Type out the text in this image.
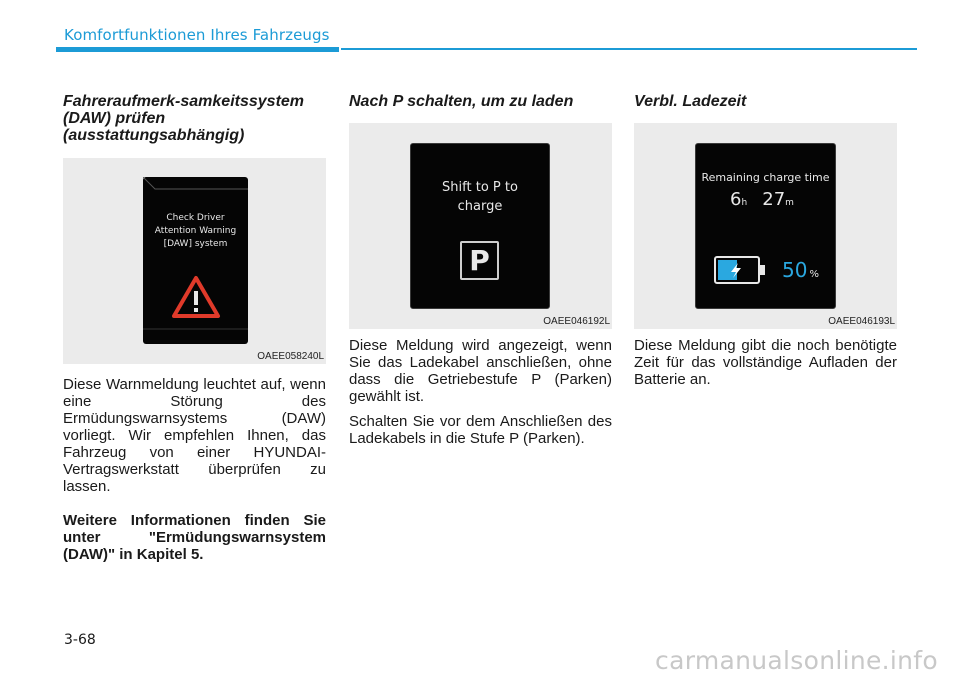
Komfortfunktionen Ihres Fahrzeugs
Fahreraufmerk-samkeitssystem
(DAW) prüfen
(ausstattungsabhängig)
Check Driver
Attention Warning
[DAW] system
OAEE058240L

Diese Warnmeldung leuchtet auf, wenn eine Störung des Ermüdungswarnsystems (DAW) vorliegt. Wir empfehlen Ihnen, das Fahrzeug von einer HYUNDAI-Vertragswerkstatt überprüfen zu lassen.

Weitere Informationen finden Sie unter "Ermüdungswarnsystem (DAW)" in Kapitel 5.

Nach P schalten, um zu laden
Shift to P to
charge
P
OAEE046192L

Diese Meldung wird angezeigt, wenn Sie das Ladekabel anschließen, ohne dass die Getriebestufe P (Parken) gewählt ist.

Schalten Sie vor dem Anschließen des Ladekabels in die Stufe P (Parken).

Verbl. Ladezeit
Remaining charge time
6h 27m
50 %
OAEE046193L

Diese Meldung gibt die noch benötigte Zeit für das vollständige Aufladen der Batterie an.

3-68
carmanualsonline.info
